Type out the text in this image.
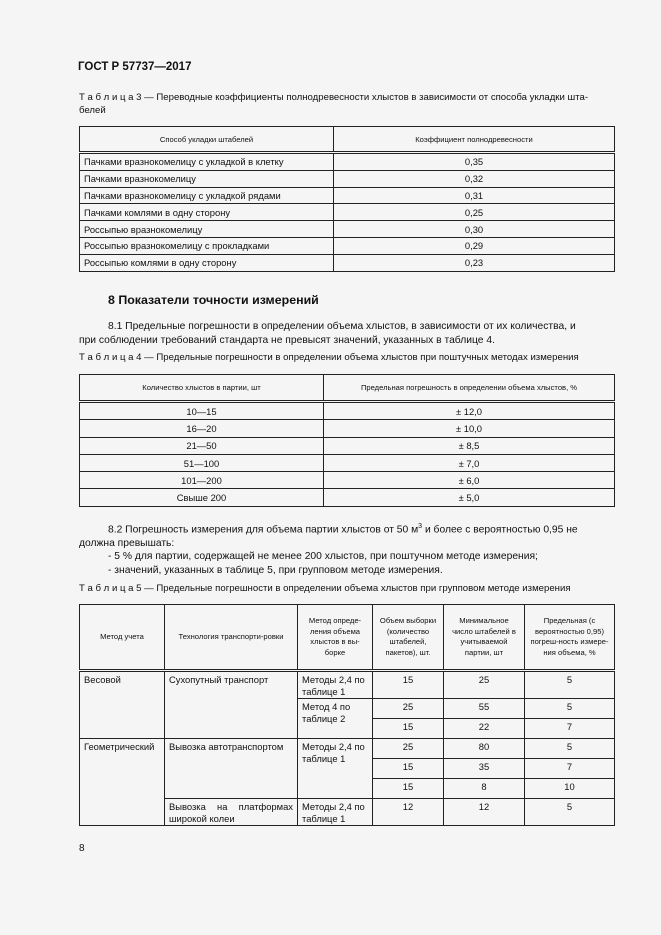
ГОСТ Р 57737—2017
Т а б л и ц а 3 — Переводные коэффициенты полнодревесности хлыстов в зависимости от способа укладки шта-
белей
Способ укладки штабелей	Коэффициент полнодревесности
Пачками вразнокомелицу с укладкой в клетку	0,35
Пачками вразнокомелицу	0,32
Пачками вразнокомелицу с укладкой рядами	0,31
Пачками комлями в одну сторону	0,25
Россыпью вразнокомелицу	0,30
Россыпью вразнокомелицу с прокладками	0,29
Россыпью комлями в одну сторону	0,23
8 Показатели точности измерений
8.1 Предельные погрешности в определении объема хлыстов, в зависимости от их количества, и
при соблюдении требований стандарта не превысят значений, указанных в таблице 4.
Т а б л и ц а 4 — Предельные погрешности в определении объема хлыстов при поштучных методах измерения
Количество хлыстов в партии, шт	Предельная погрешность в определении объема хлыстов, %
10—15	± 12,0
16—20	± 10,0
21—50	± 8,5
51—100	± 7,0
101—200	± 6,0
Свыше 200	± 5,0
8.2 Погрешность измерения для объема партии хлыстов от 50 $м^3$ и более с вероятностью 0,95 не
должна превышать:
- 5 % для партии, содержащей не менее 200 хлыстов, при поштучном методе измерения;
- значений, указанных в таблице 5, при групповом методе измерения.
Т а б л и ц а 5 — Предельные погрешности в определении объема хлыстов при групповом методе измерения
Метод учета	Технология транспорти-ровки	Метод опреде-ления объема хлыстов в вы-борке	Объем выборки (количество штабелей, пакетов), шт.	Минимальное число штабелей в учитываемой партии, шт	Предельная (с вероятностью 0,95) погреш-ность измере-ния объема, %
Весовой	Сухопутный транспорт	Методы 2,4 по таблице 1	15	25	5
		Метод 4 по таблице 2	25	55	5
			15	22	7
Геометрический	Вывозка автотранспортом	Методы 2,4 по таблице 1	25	80	5
			15	35	7
			15	8	10
	Вывозка на платформах широкой колеи	Методы 2,4 по таблице 1	12	12	5
8
